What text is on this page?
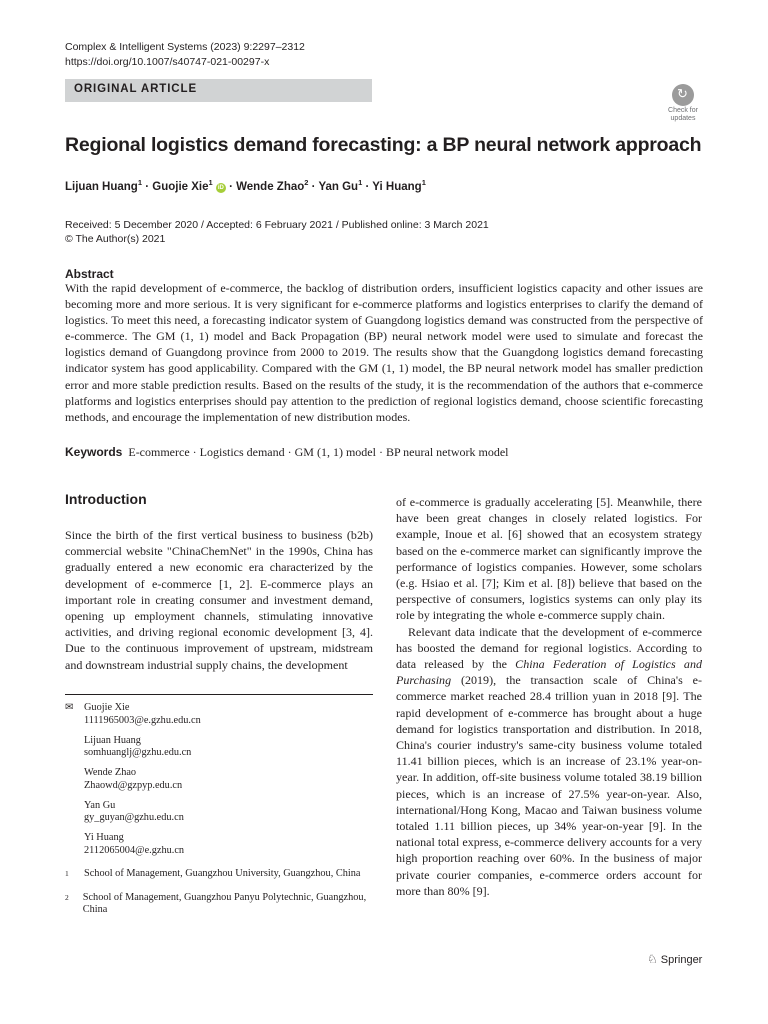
Complex & Intelligent Systems (2023) 9:2297–2312
https://doi.org/10.1007/s40747-021-00297-x
ORIGINAL ARTICLE	↻
Check for
updates
Regional logistics demand forecasting: a BP neural network approach
Lijuan Huang$^1$ · Guojie Xie$^1$ iD · Wende Zhao$^2$ · Yan $Gu^1 \cdot Yi$ Huang$^1$
Received: 5 December 2020 / Accepted: 6 February 2021 / Published online: 3 March 2021
© The Author(s) 2021
Abstract
With the rapid development of e-commerce, the backlog of distribution orders, insufficient logistics capacity and other issues are becoming more and more serious. It is very significant for e-commerce platforms and logistics enterprises to clarify the demand of logistics. To meet this need, a forecasting indicator system of Guangdong logistics demand was constructed from the perspective of e-commerce. The GM (1, 1) model and Back Propagation (BP) neural network model were used to simulate and forecast the logistics demand of Guangdong province from 2000 to 2019. The results show that the Guangdong logistics demand forecasting indicator system has good applicability. Compared with the GM (1, 1) model, the BP neural network model has smaller prediction error and more stable prediction results. Based on the results of the study, it is the recommendation of the authors that e-commerce platforms and logistics enterprises should pay attention to the prediction of regional logistics demand, choose scientific forecasting methods, and encourage the implementation of new distribution modes.
Keywords E-commerce · Logistics demand · GM (1, 1) model · BP neural network model
Introduction
Since the birth of the first vertical business to business (b2b) commercial website "ChinaChemNet" in the 1990s, China has gradually entered a new economic era characterized by the development of e-commerce [1, 2]. E-commerce plays an important role in creating consumer and investment demand, opening up employment channels, stimulating innovative activities, and driving regional economic development [3, 4]. Due to the continuous improvement of upstream, midstream and downstream industrial supply chains, the development

of e-commerce is gradually accelerating [5]. Meanwhile, there have been great changes in closely related logistics. For example, Inoue et al. [6] showed that an ecosystem strategy based on the e-commerce market can significantly improve the performance of logistics companies. However, some scholars (e.g. Hsiao et al. [7]; Kim et al. [8]) believe that based on the perspective of consumers, logistics systems can only play its role by integrating the whole e-commerce supply chain.

Relevant data indicate that the development of e-commerce has boosted the demand for regional logistics. According to data released by the China Federation of Logistics and Purchasing (2019), the transaction scale of China's e-commerce market reached 28.4 trillion yuan in 2018 [9]. The rapid development of e-commerce has brought about a huge demand for logistics transportation and distribution. In 2018, China's courier industry's same-city business volume totaled 11.41 billion pieces, which is an increase of 23.1% year-on-year. In addition, off-site business volume totaled 38.19 billion pieces, which is an increase of 27.5% year-on-year. Also, international/Hong Kong, Macao and Taiwan business volume totaled 1.11 billion pieces, up 34% year-on-year [9]. In the national total express, e-commerce delivery accounts for a very high proportion reaching over 60%. In the business of major private courier companies, e-commerce orders account for more than 80% [9].

✉	Guojie Xie
1111965003@e.gzhu.edu.cn
Lijuan Huang
somhuanglj@gzhu.edu.cn
Wende Zhao
Zhaowd@gzpyp.edu.cn
Yan Gu
gy_guyan@gzhu.edu.cn
Yi Huang
2112065004@e.gzhu.cn
1	School of Management, Guangzhou University, Guangzhou, China
2	School of Management, Guangzhou Panyu Polytechnic, Guangzhou, China
♘ Springer
